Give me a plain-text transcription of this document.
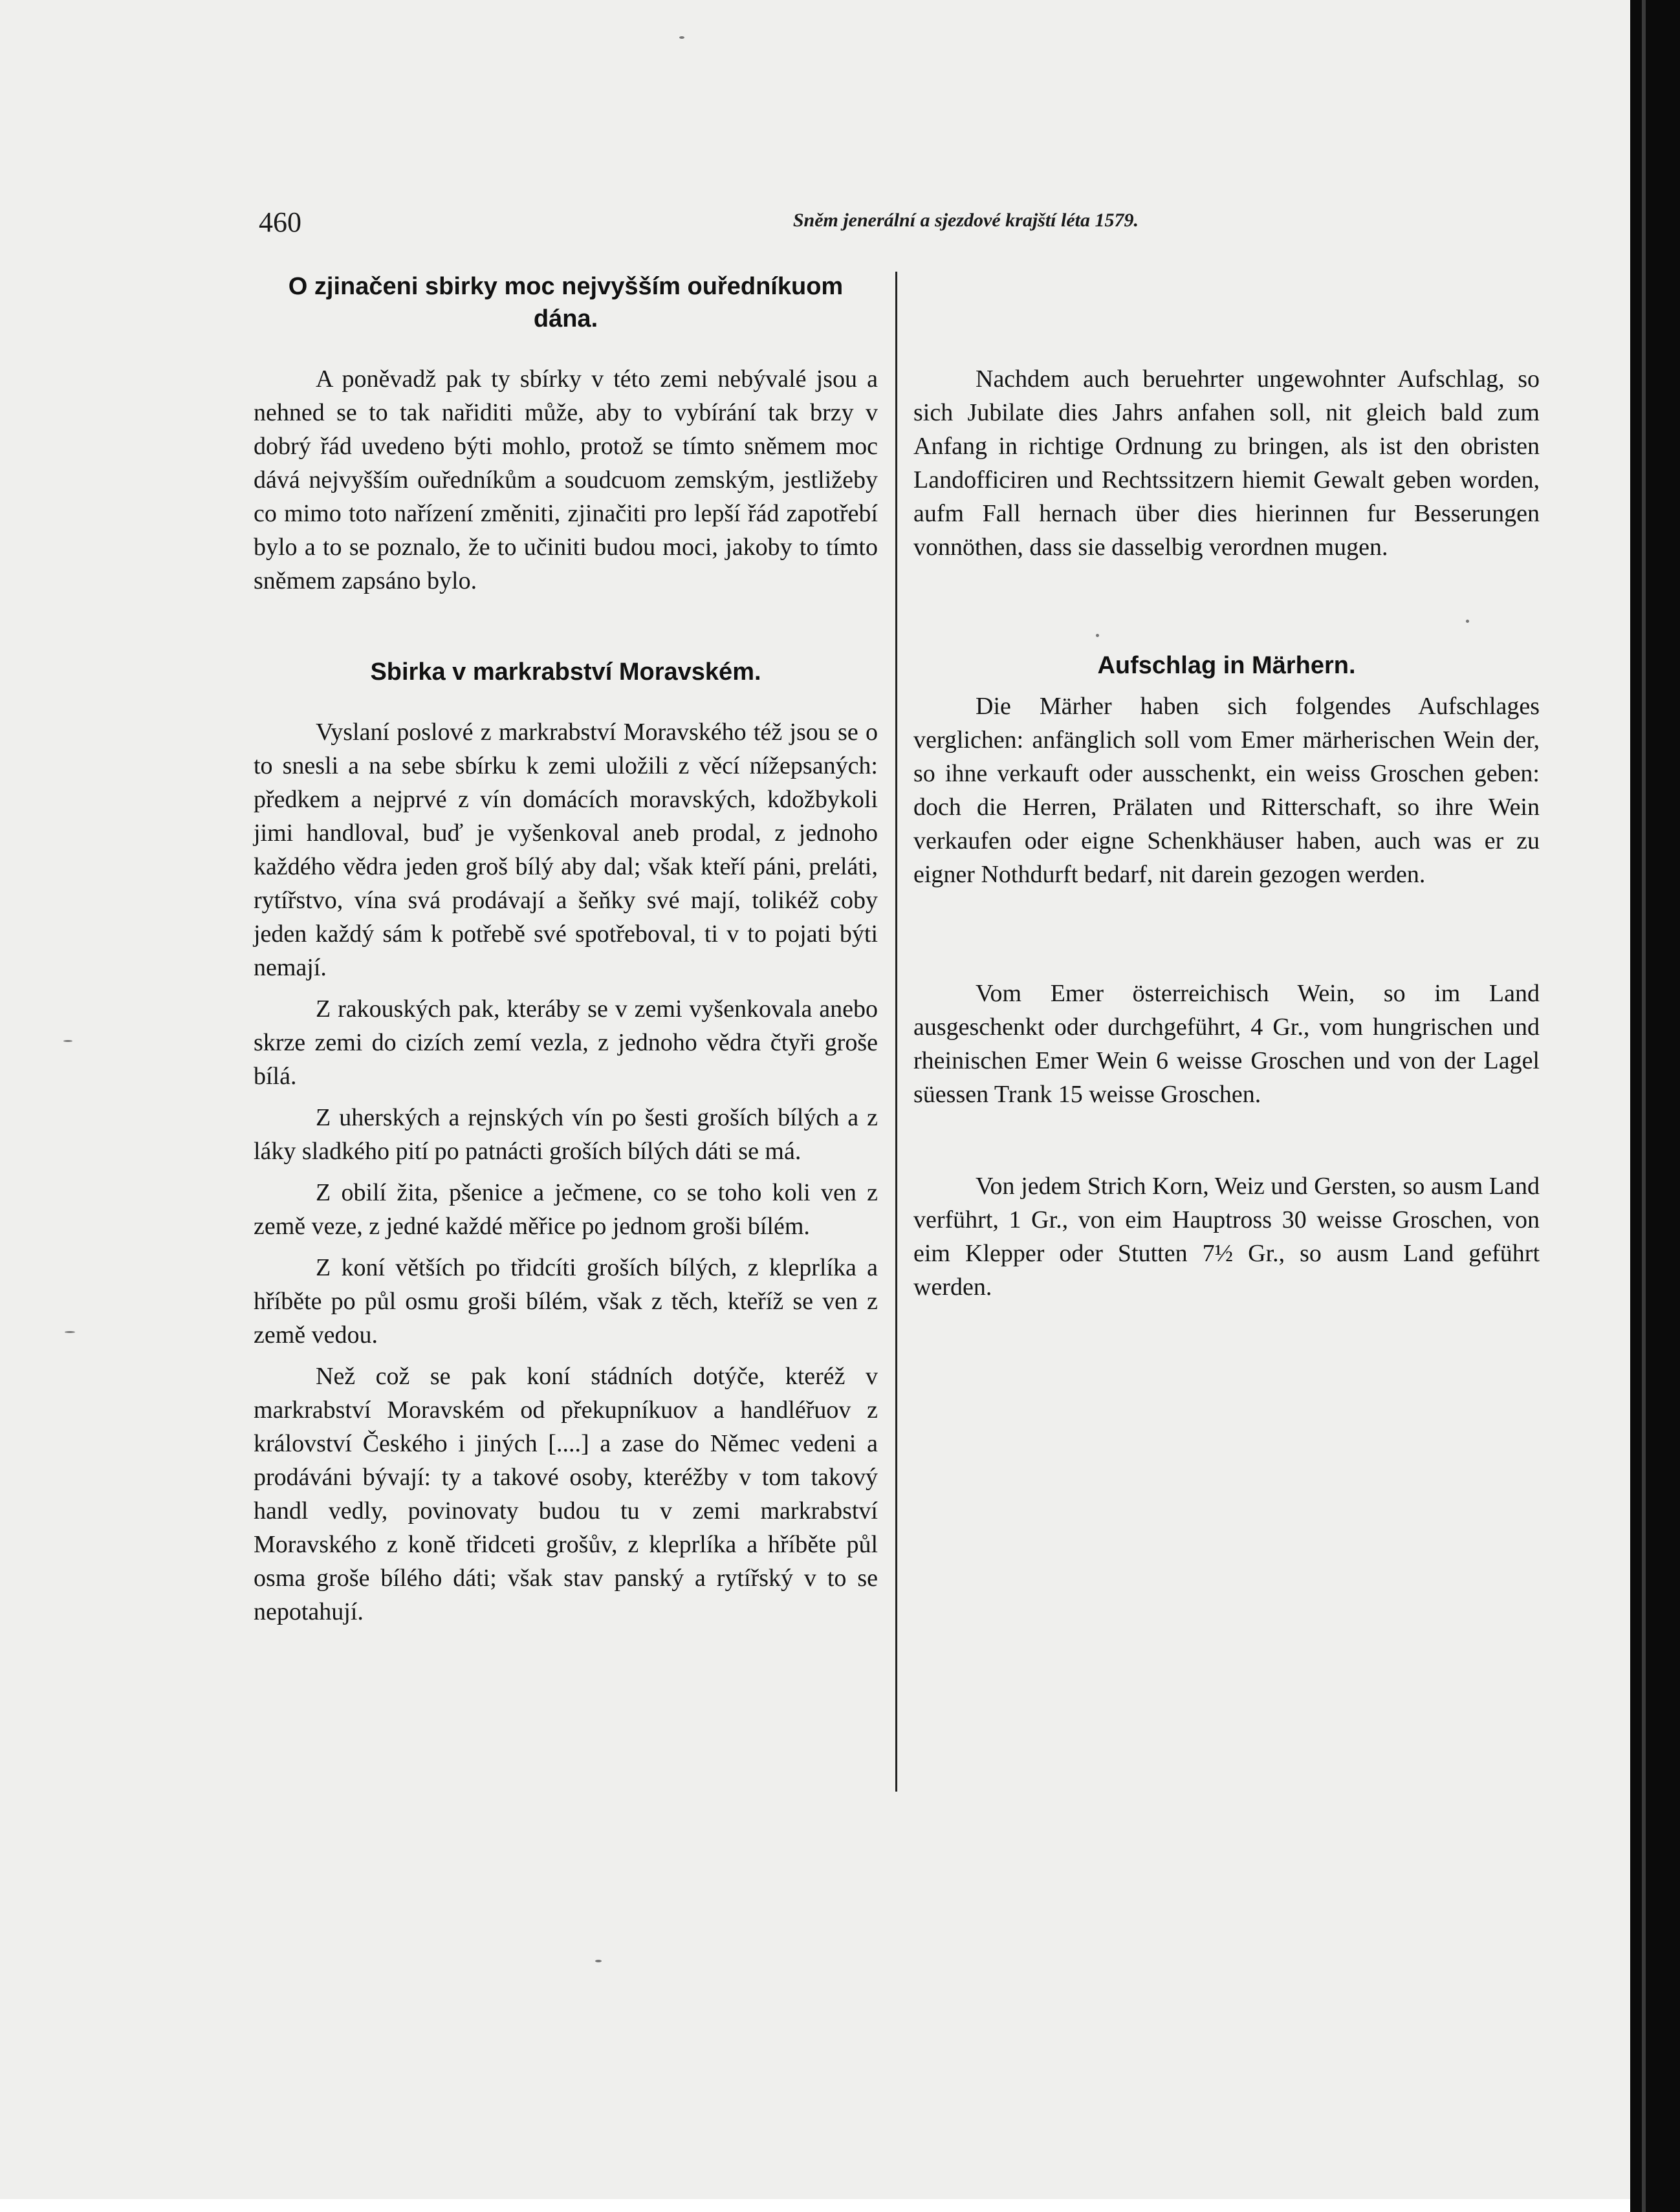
460	Sněm jenerální a sjezdové krajští léta 1579.

O zjinačeni sbirky moc nejvyšším ouředníkuom dána.

A poněvadž pak ty sbírky v této zemi nebývalé jsou a nehned se to tak nařiditi může, aby to vybírání tak brzy v dobrý řád uvedeno býti mohlo, protož se tímto sněmem moc dává nejvyšším ouředníkům a soudcuom zemským, jestližeby co mimo toto nařízení změniti, zjinačiti pro lepší řád zapotřebí bylo a to se poznalo, že to učiniti budou moci, jakoby to tímto sněmem zapsáno bylo.

Sbirka v markrabství Moravském.

Vyslaní poslové z markrabství Moravského též jsou se o to snesli a na sebe sbírku k zemi uložili z věcí nížepsaných: předkem a nejprvé z vín domácích moravských, kdožbykoli jimi handloval, buď je vyšenkoval aneb prodal, z jednoho každého vědra jeden groš bílý aby dal; však kteří páni, preláti, rytířstvo, vína svá prodávají a šeňky své mají, tolikéž coby jeden každý sám k potřebě své spotřeboval, ti v to pojati býti nemají.

Z rakouských pak, kteráby se v zemi vyšenkovala anebo skrze zemi do cizích zemí vezla, z jednoho vědra čtyři groše bílá.

Z uherských a rejnských vín po šesti groších bílých a z láky sladkého pití po patnácti groších bílých dáti se má.

Z obilí žita, pšenice a ječmene, co se toho koli ven z země veze, z jedné každé měřice po jednom groši bílém.

Z koní větších po třidcíti groších bílých, z kleprlíka a hříběte po půl osmu groši bílém, však z těch, kteříž se ven z země vedou.

Než což se pak koní stádních dotýče, kteréž v markrabství Moravském od překupníkuov a handléřuov z království Českého i jiných [....] a zase do Němec vedeni a prodáváni bývají: ty a takové osoby, kteréžby v tom takový handl vedly, povinovaty budou tu v zemi markrabství Moravského z koně třidceti grošův, z kleprlíka a hříběte půl osma groše bílého dáti; však stav panský a rytířský v to se nepotahují.

Nachdem auch beruehrter ungewohnter Aufschlag, so sich Jubilate dies Jahrs anfahen soll, nit gleich bald zum Anfang in richtige Ordnung zu bringen, als ist den obristen Landofficiren und Rechtssitzern hiemit Gewalt geben worden, aufm Fall hernach über dies hierinnen fur Besserungen vonnöthen, dass sie dasselbig verordnen mugen.

Aufschlag in Märhern.

Die Märher haben sich folgendes Aufschlages verglichen: anfänglich soll vom Emer märherischen Wein der, so ihne verkauft oder ausschenkt, ein weiss Groschen geben: doch die Herren, Prälaten und Ritterschaft, so ihre Wein verkaufen oder eigne Schenkhäuser haben, auch was er zu eigner Nothdurft bedarf, nit darein gezogen werden.

Vom Emer österreichisch Wein, so im Land ausgeschenkt oder durchgeführt, 4 Gr., vom hungrischen und rheinischen Emer Wein 6 weisse Groschen und von der Lagel süessen Trank 15 weisse Groschen.

Von jedem Strich Korn, Weiz und Gersten, so ausm Land verführt, 1 Gr., von eim Hauptross 30 weisse Groschen, von eim Klepper oder Stutten 7½ Gr., so ausm Land geführt werden.
